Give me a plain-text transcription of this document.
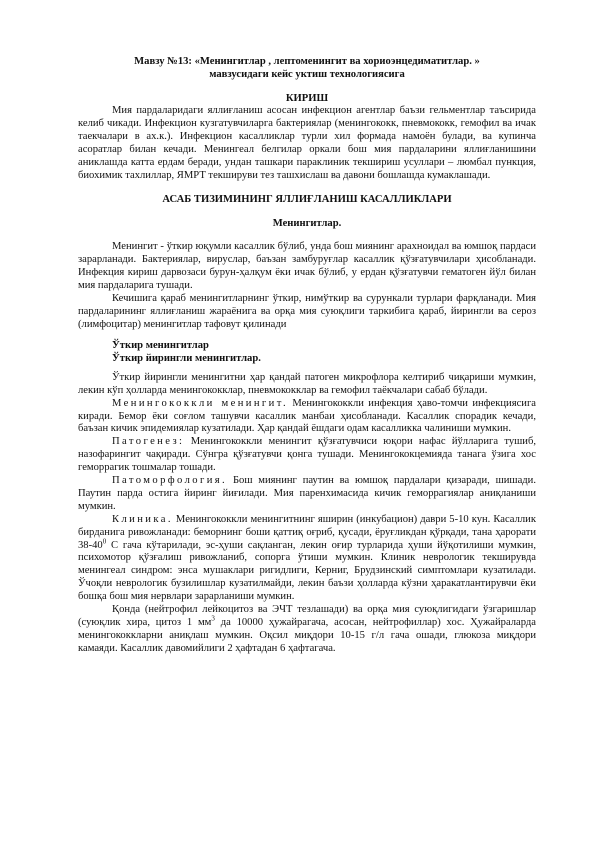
Мавзу №13: «Менингитлар , лептоменингит ва хориоэнцедиматитлар. »
мавзусидаги кейс уктиш технологиясига
КИРИШ

Мия пардаларидаги яллиғланиш асосан инфекцион агентлар баъзи гельментлар таъсирида келиб чикади. Инфекцион кузгатувчиларга бактериялар (менингококк, пневмококк, гемофил ва ичак таекчалари в ах.к.). Инфекцион касалликлар турли хил формада намоён булади, ва купинча асоратлар билан кечади. Менингеал белгилар оркали бош мия пардаларини яллиғланишини аниклашда катта ердам беради, ундан ташкари параклиник текшириш усуллари – люмбал пункция, биохимик тахлиллар, ЯМРТ текшируви тез ташхислаш ва давони бошлашда кумаклашади.

АСАБ ТИЗИМИНИНГ ЯЛЛИҒЛАНИШ КАСАЛЛИКЛАРИ
Менингитлар.

Менингит - ўткир юқумли касаллик бўлиб, унда бош миянинг арахноидал ва юмшоқ пардаси зарарланади. Бактериялар, вируслар, баъзан замбуруғлар касаллик қўзғатувчилари ҳисобланади. Инфекция кириш дарвозаси бурун-ҳалқум ёки ичак бўлиб, у ердан қўзғатувчи гематоген йўл билан мия пардаларига тушади.

Кечишига қараб менингитларнинг ўткир, нимўткир ва сурункали турлари фарқланади. Мия пардаларининг яллиғланиш жараёнига ва орқа мия суюқлиги таркибига қараб, йирингли ва сероз (лимфоцитар) менингитлар тафовут қилинади

Ўткир менингитлар
Ўткир йирингли менингитлар.

Ўткир йирингли менингитни ҳар қандай патоген микрофлора келтириб чиқариши мумкин, лекин кўп ҳолларда менингококклар, пневмококклар ва гемофил таёкчалари сабаб бўлади.

Менингококкли менингит. Менингококкли инфекция ҳаво-томчи инфекциясига киради. Бемор ёки соғлом ташувчи касаллик манбаи ҳисобланади. Касаллик спорадик кечади, баъзан кичик эпидемиялар кузатилади. Ҳар қандай ёшдаги одам касалликка чалиниши мумкин.

Патогенез: Менингококкли менингит қўзғатувчиси юқори нафас йўлларига тушиб, назофарингит чақиради. Сўнгра қўзғатувчи қонга тушади. Менингококцемияда танага ўзига хос геморрагик тошмалар тошади.

Патоморфология. Бош миянинг паутин ва юмшоқ пардалари қизаради, шишади. Паутин парда остига йиринг йиғилади. Мия паренхимасида кичик геморрагиялар аниқланиши мумкин.

Клиника. Менингококкли менингитнинг яширин (инкубацион) даври 5-10 кун. Касаллик бирданига ривожланади: беморнинг боши қаттиқ оғриб, қусади, ёруғликдан қўрқади, тана ҳарорати $38-40^0$ С гача кўтарилади, эс-ҳуши сақланган, лекин оғир турларида ҳуши йўқотилиши мумкин, психомотор қўзғалиш ривожланиб, сопорга ўтиши мумкин. Клиник неврологик текширувда менингеал синдром: энса мушаклари ригидлиги, Керниг, Брудзинский симптомлари кузатилади. Ўчоқли неврологик бузилишлар кузатилмайди, лекин баъзи ҳолларда кўзни ҳаракатлантирувчи ёки бошқа бош мия нервлари зарарланиши мумкин.

Қонда (нейтрофил лейкоцитоз ва ЭЧТ тезлашади) ва орқа мия суюқлигидаги ўзгаришлар (суюқлик хира, цитоз 1 $мм^3$ да 10000 ҳужайрагача, асосан, нейтрофиллар) хос. Ҳужайраларда менингококкларни аниқлаш мумкин. Оқсил миқдори 10-15 г/л гача ошади, глюкоза миқдори камаяди. Касаллик давомийлиги 2 ҳафтадан 6 ҳафтагача.
